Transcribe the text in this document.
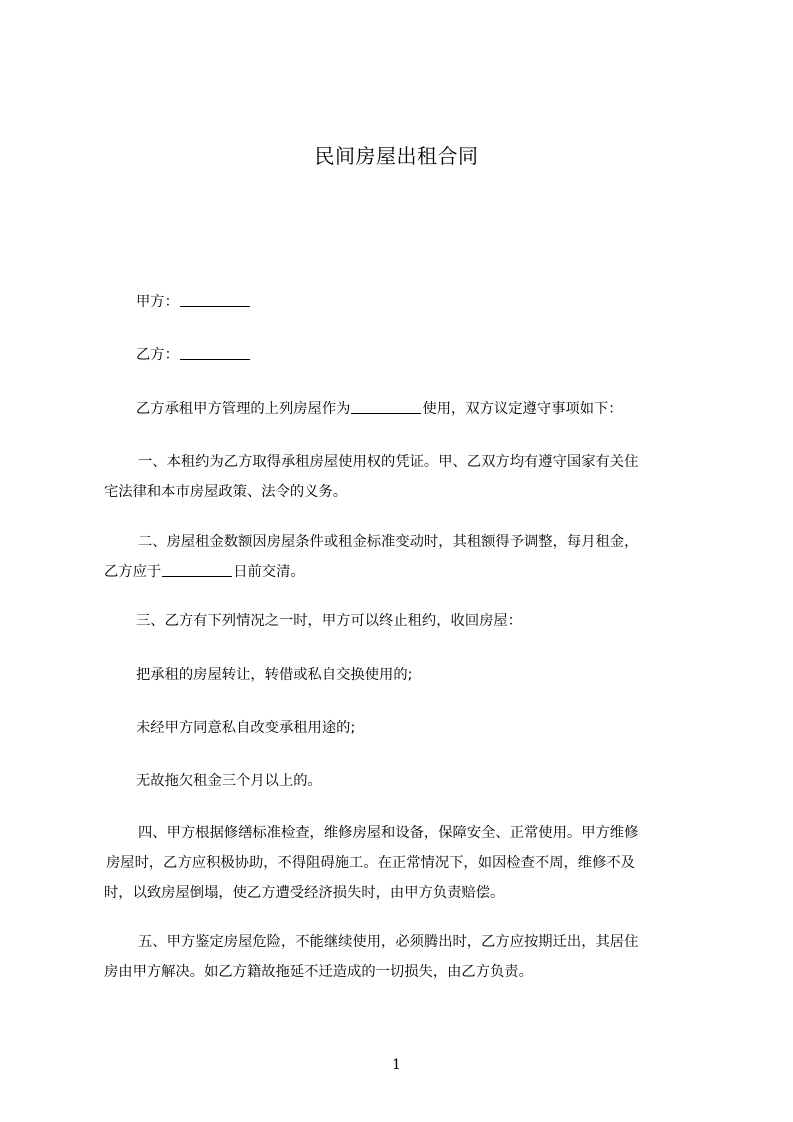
民间房屋出租合同
甲方：
乙方：
乙方承租甲方管理的上列房屋作为	使用，双方议定遵守事项如下：
一、本租约为乙方取得承租房屋使用权的凭证。甲、乙双方均有遵守国家有关住
宅法律和本市房屋政策、法令的义务。
二、房屋租金数额因房屋条件或租金标准变动时，其租额得予调整，每月租金，
乙方应于	日前交清。
三、乙方有下列情况之一时，甲方可以终止租约，收回房屋：
把承租的房屋转让，转借或私自交换使用的;
未经甲方同意私自改变承租用途的;
无故拖欠租金三个月以上的。
四、甲方根据修缮标准检查，维修房屋和设备，保障安全、正常使用。甲方维修
房屋时，乙方应积极协助，不得阻碍施工。在正常情况下，如因检查不周，维修不及
时，以致房屋倒塌，使乙方遭受经济损失时，由甲方负责赔偿。
五、甲方鉴定房屋危险，不能继续使用，必须腾出时，乙方应按期迁出，其居住
房由甲方解决。如乙方籍故拖延不迁造成的一切损失，由乙方负责。
1
